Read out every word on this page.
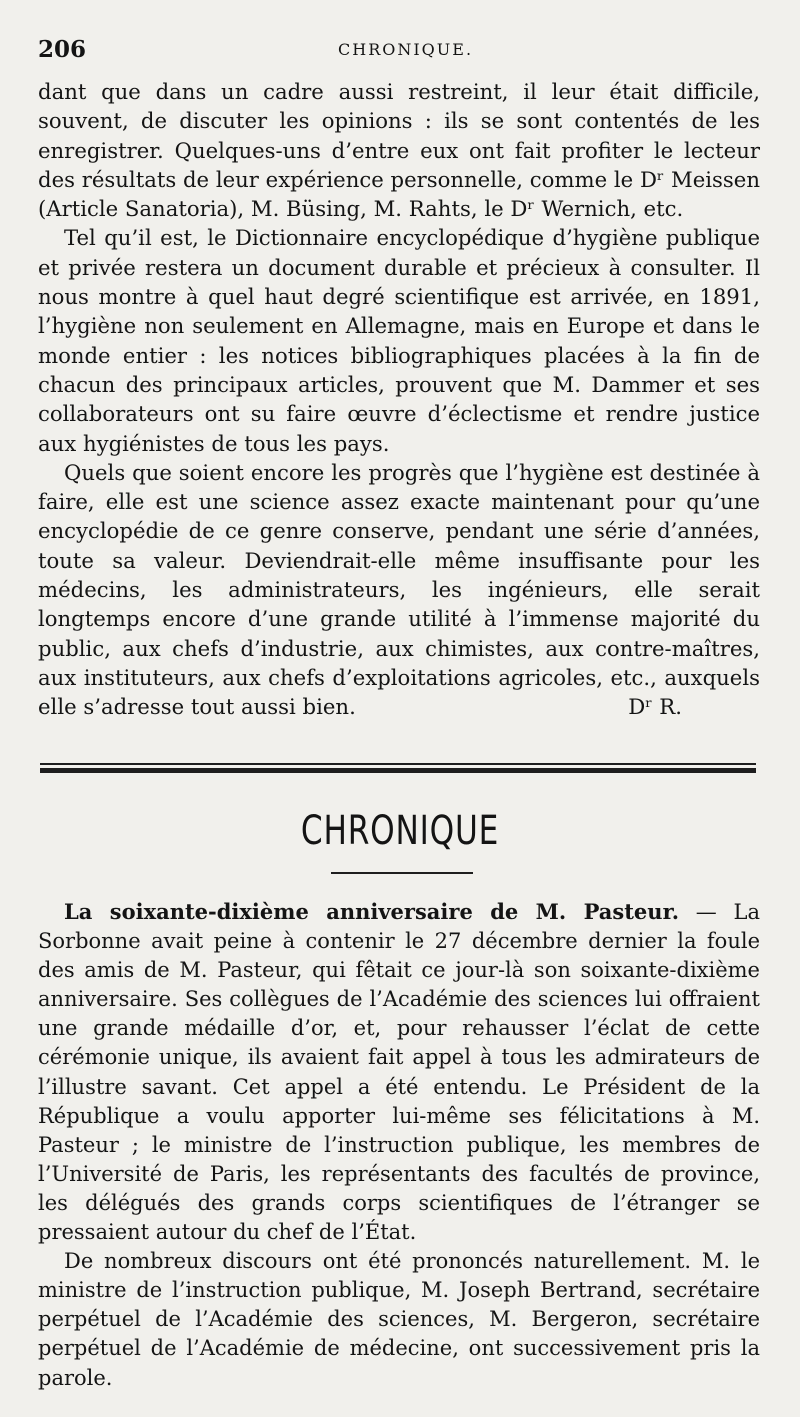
206	CHRONIQUE.

dant que dans un cadre aussi restreint, il leur était difficile, souvent, de discuter les opinions : ils se sont contentés de les enregistrer. Quelques-uns d’entre eux ont fait profiter le lecteur des résultats de leur expérience personnelle, comme le Dʳ Meissen (Article Sanatoria), M. Büsing, M. Rahts, le Dʳ Wernich, etc.

Tel qu’il est, le Dictionnaire encyclopédique d’hygiène publique et privée restera un document durable et précieux à consulter. Il nous montre à quel haut degré scientifique est arrivée, en 1891, l’hygiène non seulement en Allemagne, mais en Europe et dans le monde entier : les notices bibliographiques placées à la fin de chacun des principaux articles, prouvent que M. Dammer et ses collaborateurs ont su faire œuvre d’éclectisme et rendre justice aux hygiénistes de tous les pays.

Quels que soient encore les progrès que l’hygiène est destinée à faire, elle est une science assez exacte maintenant pour qu’une encyclopédie de ce genre conserve, pendant une série d’années, toute sa valeur. Deviendrait-elle même insuffisante pour les médecins, les administrateurs, les ingénieurs, elle serait longtemps encore d’une grande utilité à l’immense majorité du public, aux chefs d’industrie, aux chimistes, aux contre-maîtres, aux instituteurs, aux chefs d’exploitations agricoles, etc., auxquels elle s’adresse tout aussi bien.	Dʳ R.

CHRONIQUE

La soixante-dixième anniversaire de M. Pasteur. — La Sorbonne avait peine à contenir le 27 décembre dernier la foule des amis de M. Pasteur, qui fêtait ce jour-là son soixante-dixième anniversaire. Ses collègues de l’Académie des sciences lui offraient une grande médaille d’or, et, pour rehausser l’éclat de cette cérémonie unique, ils avaient fait appel à tous les admirateurs de l’illustre savant. Cet appel a été entendu. Le Président de la République a voulu apporter lui-même ses félicitations à M. Pasteur ; le ministre de l’instruction publique, les membres de l’Université de Paris, les représentants des facultés de province, les délégués des grands corps scientifiques de l’étranger se pressaient autour du chef de l’État.

De nombreux discours ont été prononcés naturellement. M. le ministre de l’instruction publique, M. Joseph Bertrand, secrétaire perpétuel de l’Académie des sciences, M. Bergeron, secrétaire perpétuel de l’Académie de médecine, ont successivement pris la parole.
